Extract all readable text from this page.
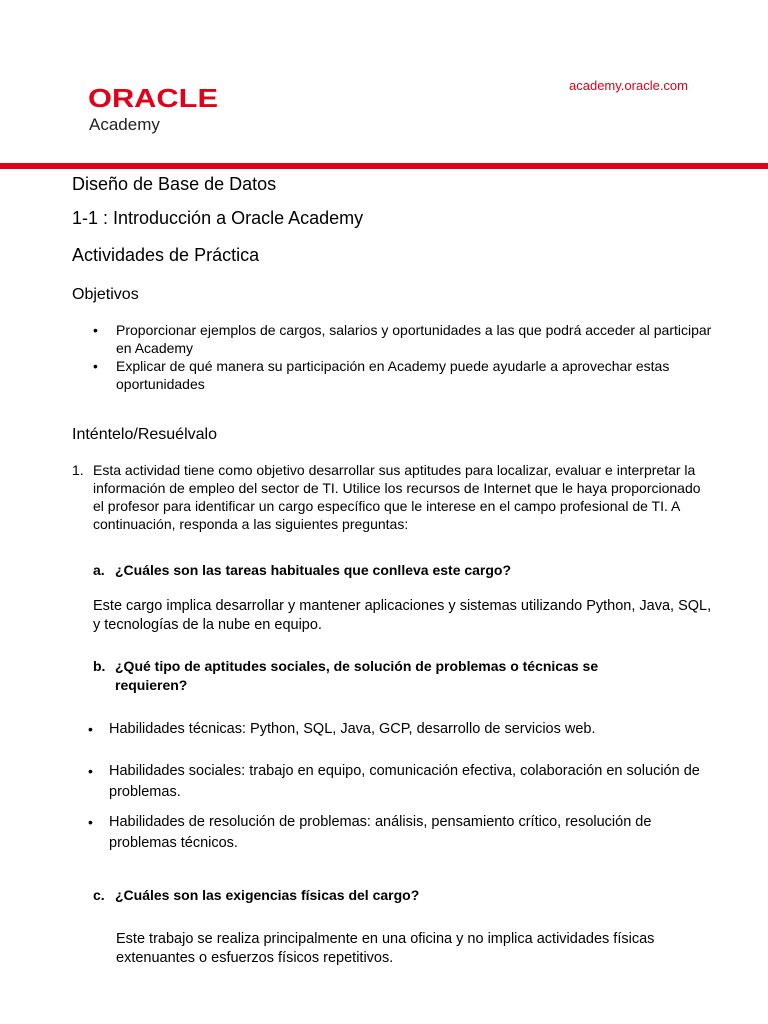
ORACLE
Academy
academy.oracle.com
Diseño de Base de Datos
1-1 : Introducción a Oracle Academy
Actividades de Práctica
Objetivos
• Proporcionar ejemplos de cargos, salarios y oportunidades a las que podrá acceder al participar en Academy
• Explicar de qué manera su participación en Academy puede ayudarle a aprovechar estas oportunidades
Inténtelo/Resuélvalo
1. Esta actividad tiene como objetivo desarrollar sus aptitudes para localizar, evaluar e interpretar la información de empleo del sector de TI. Utilice los recursos de Internet que le haya proporcionado el profesor para identificar un cargo específico que le interese en el campo profesional de TI. A continuación, responda a las siguientes preguntas:
a. ¿Cuáles son las tareas habituales que conlleva este cargo?
Este cargo implica desarrollar y mantener aplicaciones y sistemas utilizando Python, Java, SQL, y tecnologías de la nube en equipo.
b. ¿Qué tipo de aptitudes sociales, de solución de problemas o técnicas se requieren?
• Habilidades técnicas: Python, SQL, Java, GCP, desarrollo de servicios web.
• Habilidades sociales: trabajo en equipo, comunicación efectiva, colaboración en solución de problemas.
• Habilidades de resolución de problemas: análisis, pensamiento crítico, resolución de problemas técnicos.
c. ¿Cuáles son las exigencias físicas del cargo?
Este trabajo se realiza principalmente en una oficina y no implica actividades físicas extenuantes o esfuerzos físicos repetitivos.
